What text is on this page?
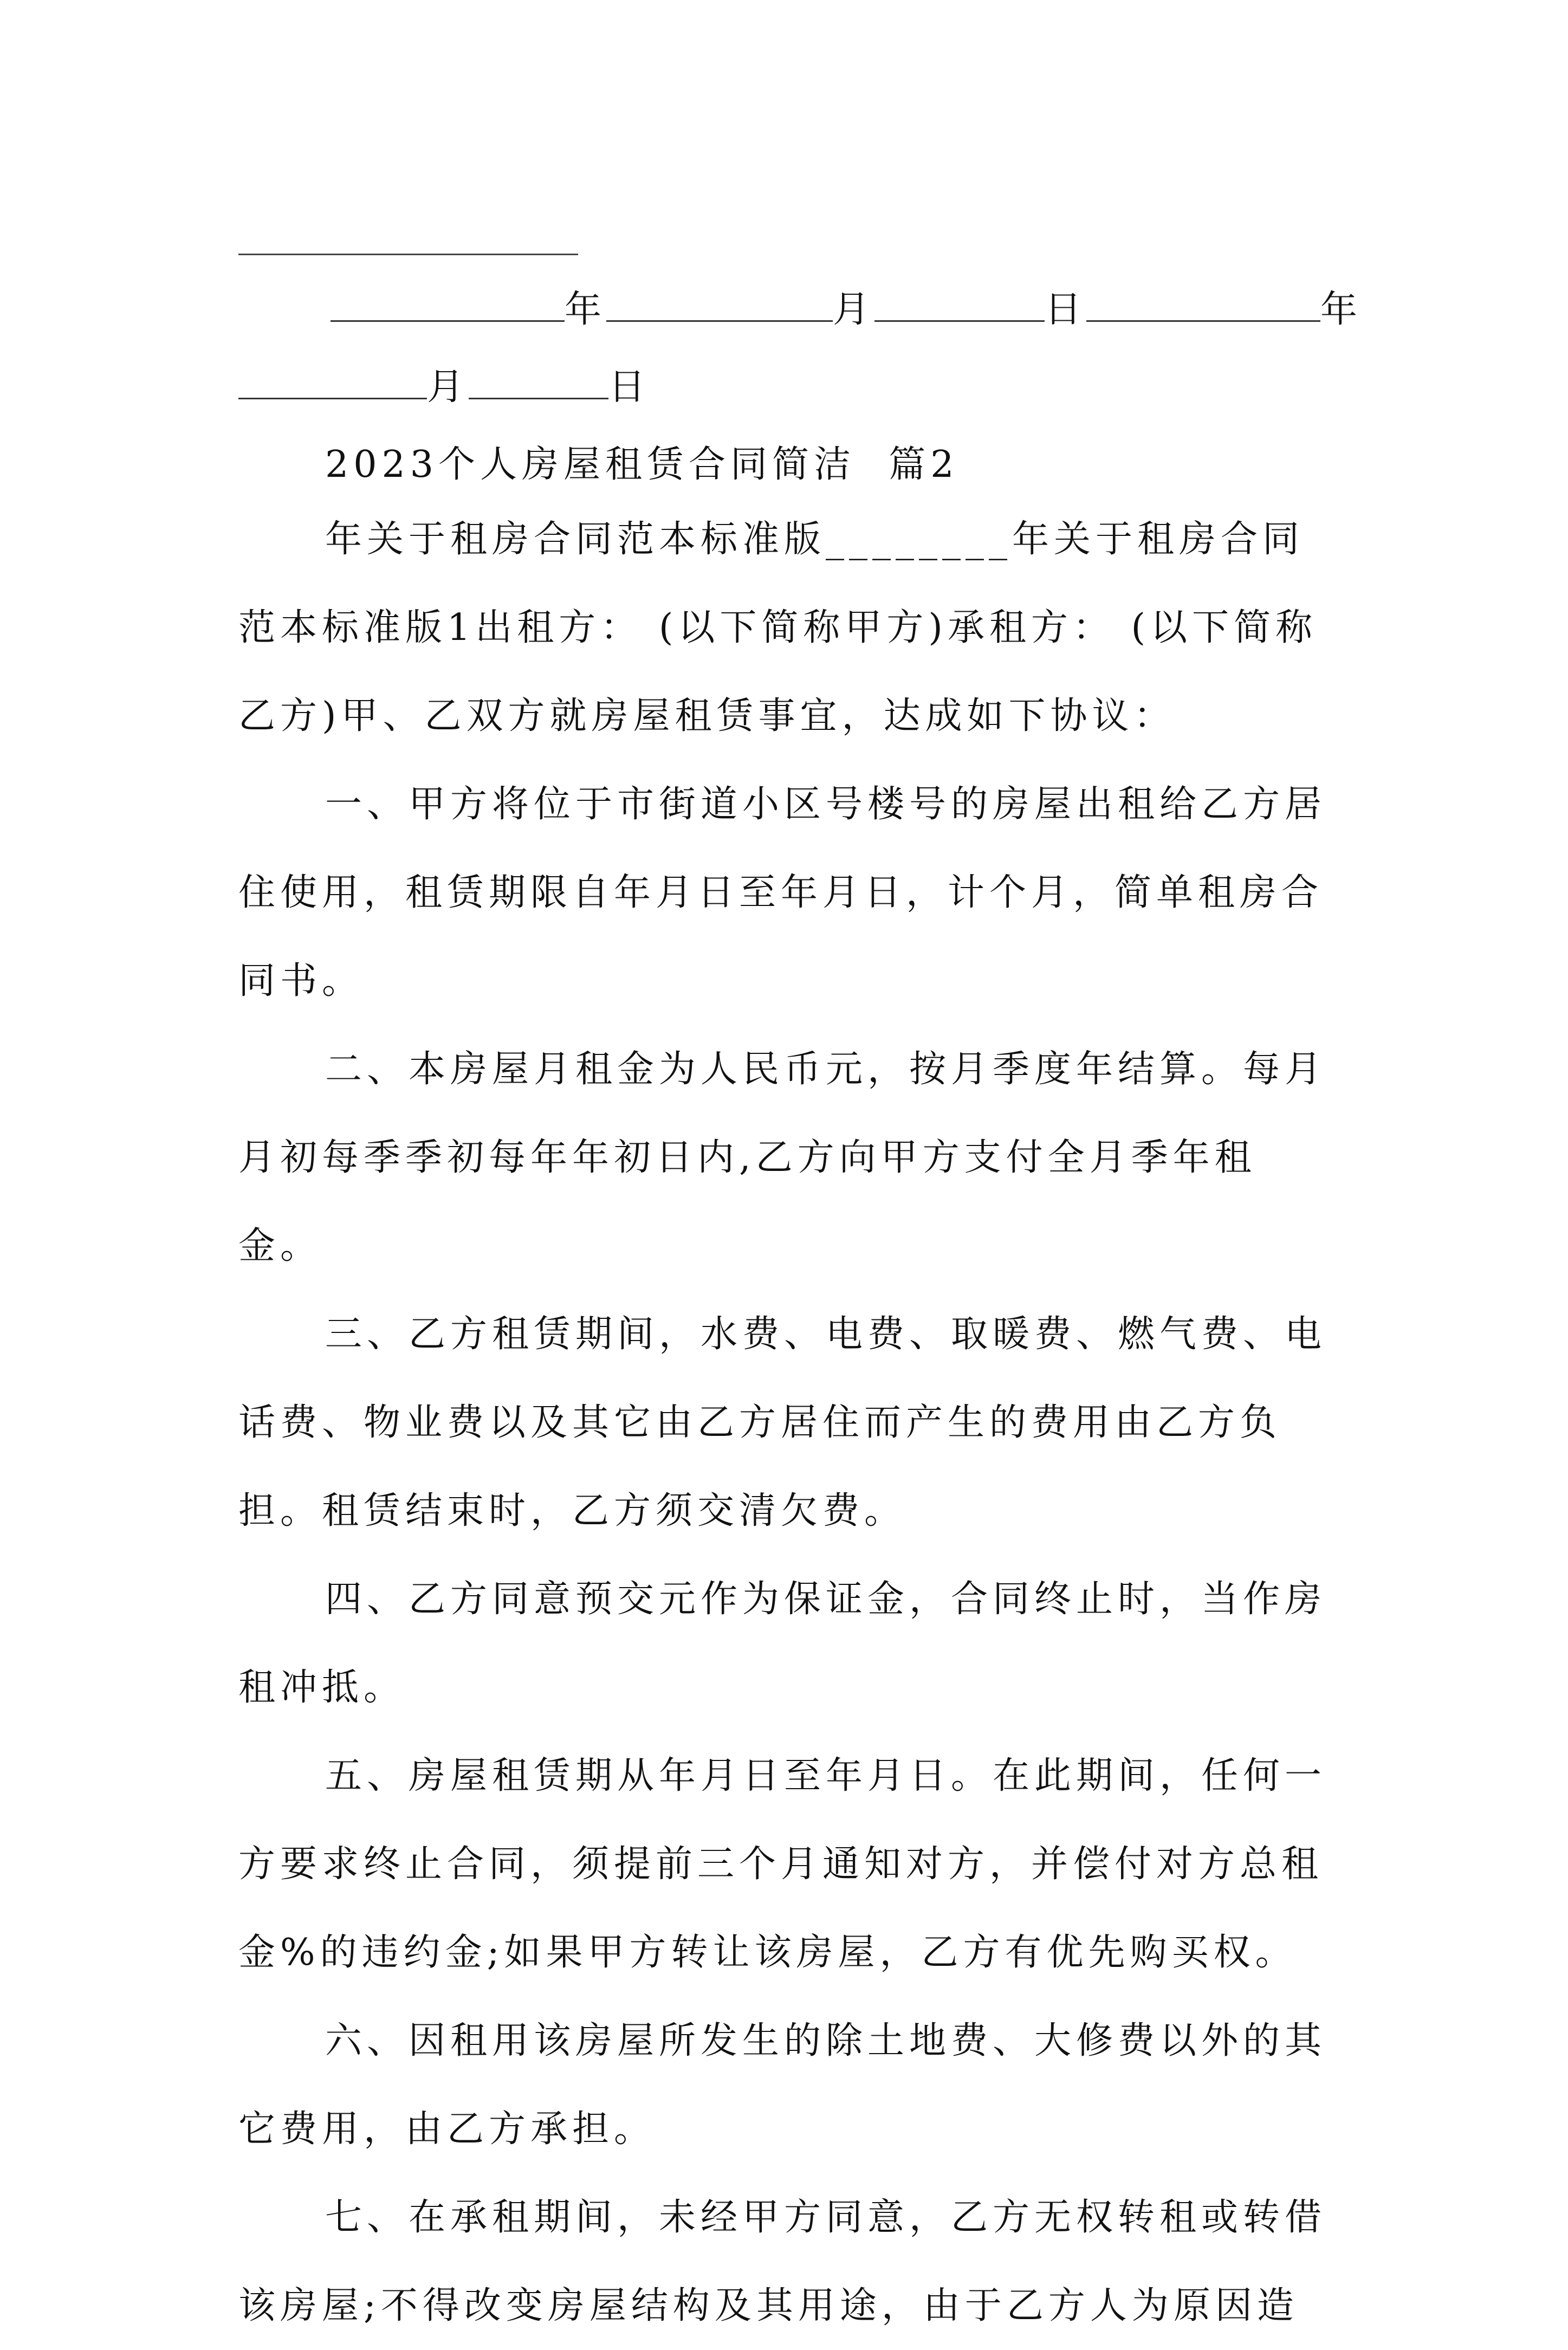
年	月	日	年
月	日
2023个人房屋租赁合同简洁  篇2

年关于租房合同范本标准版________年关于租房合同范本标准版1出租方： (以下简称甲方)承租方： (以下简称乙方)甲、乙双方就房屋租赁事宜，达成如下协议：

一、甲方将位于市街道小区号楼号的房屋出租给乙方居住使用，租赁期限自年月日至年月日，计个月，简单租房合同书。

二、本房屋月租金为人民币元，按月季度年结算。每月月初每季季初每年年初日内,乙方向甲方支付全月季年租金。

三、乙方租赁期间，水费、电费、取暖费、燃气费、电话费、物业费以及其它由乙方居住而产生的费用由乙方负担。租赁结束时，乙方须交清欠费。

四、乙方同意预交元作为保证金，合同终止时，当作房租冲抵。

五、房屋租赁期从年月日至年月日。在此期间，任何一方要求终止合同，须提前三个月通知对方，并偿付对方总租金%的违约金;如果甲方转让该房屋，乙方有优先购买权。

六、因租用该房屋所发生的除土地费、大修费以外的其它费用，由乙方承担。

七、在承租期间，未经甲方同意，乙方无权转租或转借该房屋;不得改变房屋结构及其用途，由于乙方人为原因造
